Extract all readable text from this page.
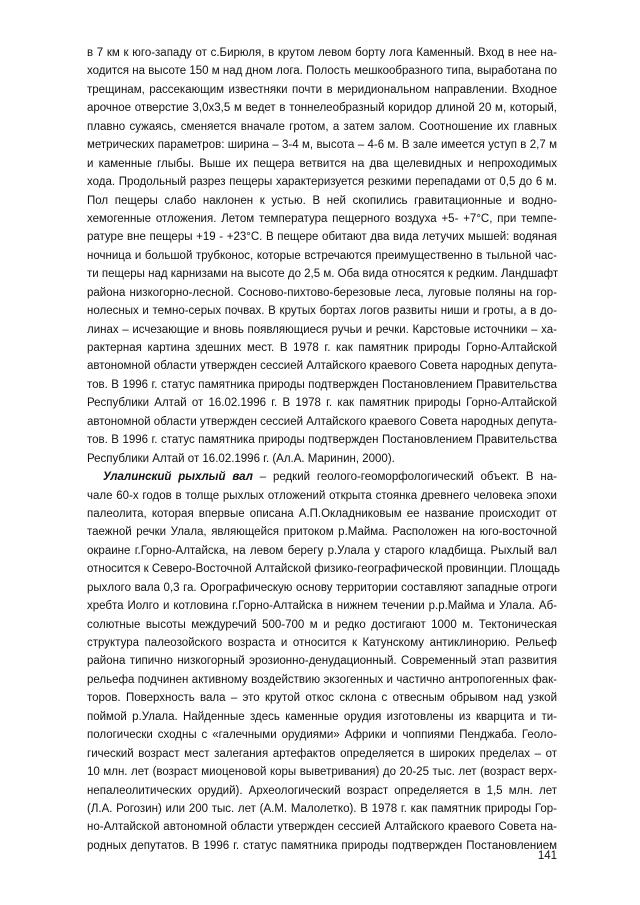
в 7 км к юго-западу от с.Бирюля, в крутом левом борту лога Каменный. Вход в нее на-
ходится на высоте 150 м над дном лога. Полость мешкообразного типа, выработана по
трещинам, рассекающим известняки почти в меридиональном направлении. Входное
арочное отверстие 3,0х3,5 м ведет в тоннелеобразный коридор длиной 20 м, который,
плавно сужаясь, сменяется вначале гротом, а затем залом. Соотношение их главных
метрических параметров: ширина – 3-4 м, высота – 4-6 м. В зале имеется уступ в 2,7 м
и каменные глыбы. Выше их пещера ветвится на два щелевидных и непроходимых
хода. Продольный разрез пещеры характеризуется резкими перепадами от 0,5 до 6 м.
Пол пещеры слабо наклонен к устью. В ней скопились гравитационные и водно-
хемогенные отложения. Летом температура пещерного воздуха +5- +7°С, при темпе-
ратуре вне пещеры +19 - +23°С. В пещере обитают два вида летучих мышей: водяная
ночница и большой трубконос, которые встречаются преимущественно в тыльной час-
ти пещеры над карнизами на высоте до 2,5 м. Оба вида относятся к редким. Ландшафт
района низкогорно-лесной. Сосново-пихтово-березовые леса, луговые поляны на гор-
нолесных и темно-серых почвах. В крутых бортах логов развиты ниши и гроты, а в до-
линах – исчезающие и вновь появляющиеся ручьи и речки. Карстовые источники – ха-
рактерная картина здешних мест. В 1978 г. как памятник природы Горно-Алтайской
автономной области утвержден сессией Алтайского краевого Совета народных депута-
тов. В 1996 г. статус памятника природы подтвержден Постановлением Правительства
Республики Алтай от 16.02.1996 г. В 1978 г. как памятник природы Горно-Алтайской
автономной области утвержден сессией Алтайского краевого Совета народных депута-
тов. В 1996 г. статус памятника природы подтвержден Постановлением Правительства
Республики Алтай от 16.02.1996 г. (Ал.А. Маринин, 2000).
Улалинский рыхлый вал – редкий геолого-геоморфологический объект. В на-
чале 60-х годов в толще рыхлых отложений открыта стоянка древнего человека эпохи
палеолита, которая впервые описана А.П.Окладниковым ее название происходит от
таежной речки Улала, являющейся притоком р.Майма. Расположен на юго-восточной
окраине г.Горно-Алтайска, на левом берегу р.Улала у старого кладбища. Рыхлый вал
относится к Северо-Восточной Алтайской физико-географической провинции. Площадь
рыхлого вала 0,3 га. Орографическую основу территории составляют западные отроги
хребта Иолго и котловина г.Горно-Алтайска в нижнем течении р.р.Майма и Улала. Аб-
солютные высоты междуречий 500-700 м и редко достигают 1000 м. Тектоническая
структура палеозойского возраста и относится к Катунскому антиклинорию. Рельеф
района типично низкогорный эрозионно-денудационный. Современный этап развития
рельефа подчинен активному воздействию экзогенных и частично антропогенных фак-
торов. Поверхность вала – это крутой откос склона с отвесным обрывом над узкой
поймой р.Улала. Найденные здесь каменные орудия изготовлены из кварцита и ти-
пологически сходны с «галечными орудиями» Африки и чоппиями Пенджаба. Геоло-
гический возраст мест залегания артефактов определяется в широких пределах – от
10 млн. лет (возраст миоценовой коры выветривания) до 20-25 тыс. лет (возраст верх-
непалеолитических орудий). Археологический возраст определяется в 1,5 млн. лет
(Л.А. Рогозин) или 200 тыс. лет (А.М. Малолетко). В 1978 г. как памятник природы Гор-
но-Алтайской автономной области утвержден сессией Алтайского краевого Совета на-
родных депутатов. В 1996 г. статус памятника природы подтвержден Постановлением
141
